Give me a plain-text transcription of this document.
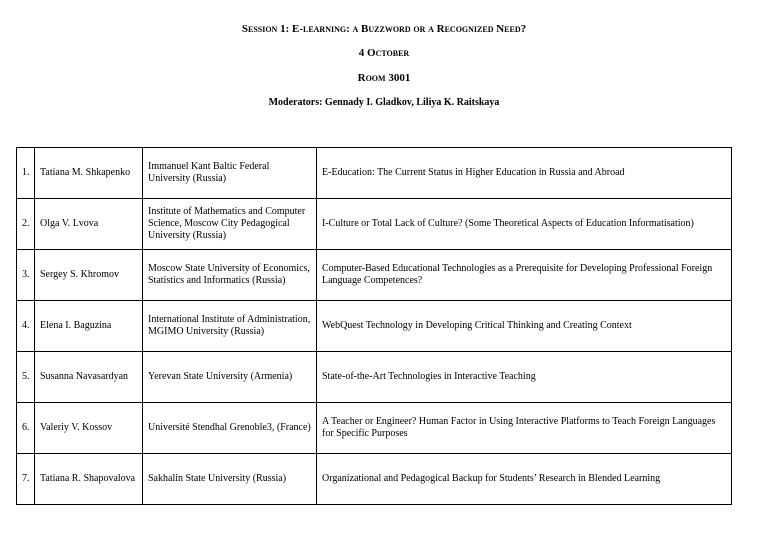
Session 1: E-learning: a Buzzword or a Recognized Need?
4 October
Room 3001
Moderators: Gennady I. Gladkov, Liliya K. Raitskaya
1.	Tatiana M. Shkapenko	Immanuel Kant Baltic Federal University (Russia)	E-Education: The Current Status in Higher Education in Russia and Abroad
2.	Olga V. Lvova	Institute of Mathematics and Computer Science, Moscow City Pedagogical University (Russia)	I-Culture or Total Lack of Culture? (Some Theoretical Aspects of Education Informatisation)
3.	Sergey S. Khromov	Moscow State University of Economics, Statistics and Informatics (Russia)	Computer-Based Educational Technologies as a Prerequisite for Developing Professional Foreign Language Competences?
4.	Elena I. Baguzina	International Institute of Administration, MGIMO University (Russia)	WebQuest Technology in Developing Critical Thinking and Creating Context
5.	Susanna Navasardyan	Yerevan State University (Armenia)	State-of-the-Art Technologies in Interactive Teaching
6.	Valeriy V. Kossov	Université Stendhal Grenoble3, (France)	A Teacher or Engineer? Human Factor in Using Interactive Platforms to Teach Foreign Languages for Specific Purposes
7.	Tatiana R. Shapovalova	Sakhalin State University (Russia)	Organizational and Pedagogical Backup for Students’ Research in Blended Learning
